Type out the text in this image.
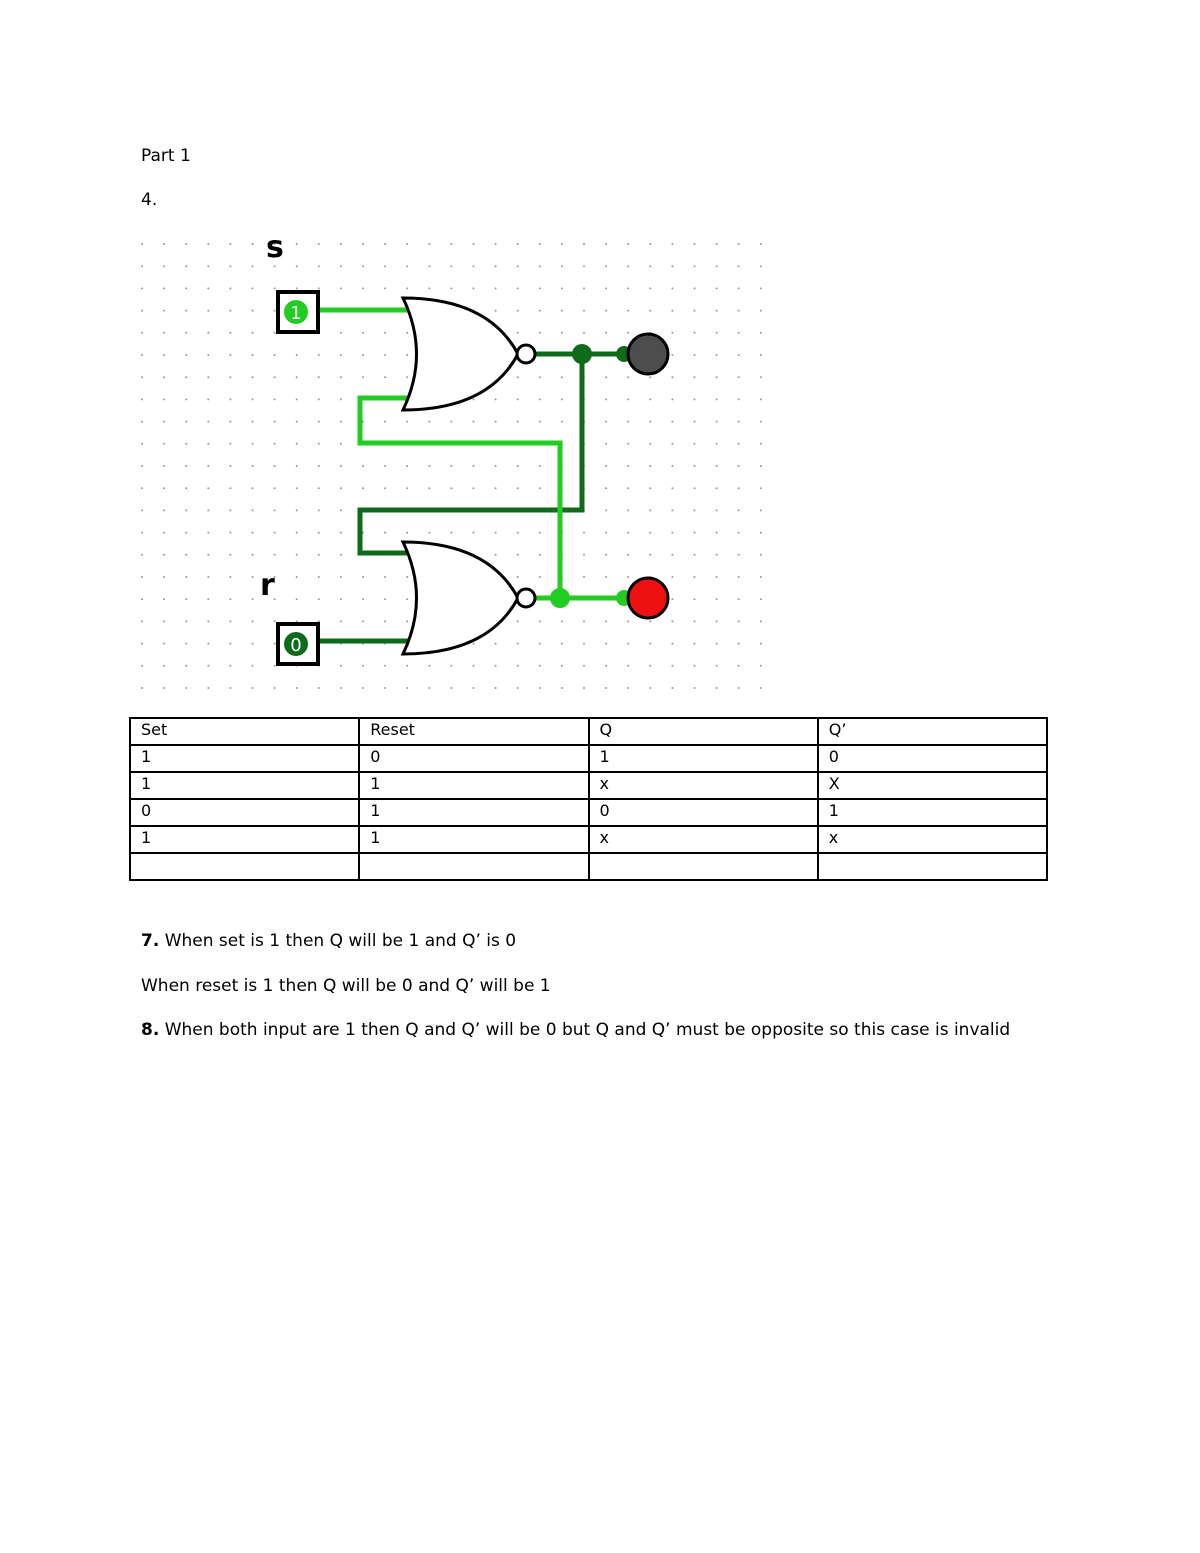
Part 1
4.
1
0
s
r
Set	Reset	Q	Q’
1	0	1	0
1	1	x	X
0	1	0	1
1	1	x	x

7. When set is 1 then Q will be 1 and Q’ is 0
When reset is 1 then Q will be 0 and Q’ will be 1
8. When both input are 1 then Q and Q’ will be 0 but Q and Q’ must be opposite so this case is invalid
